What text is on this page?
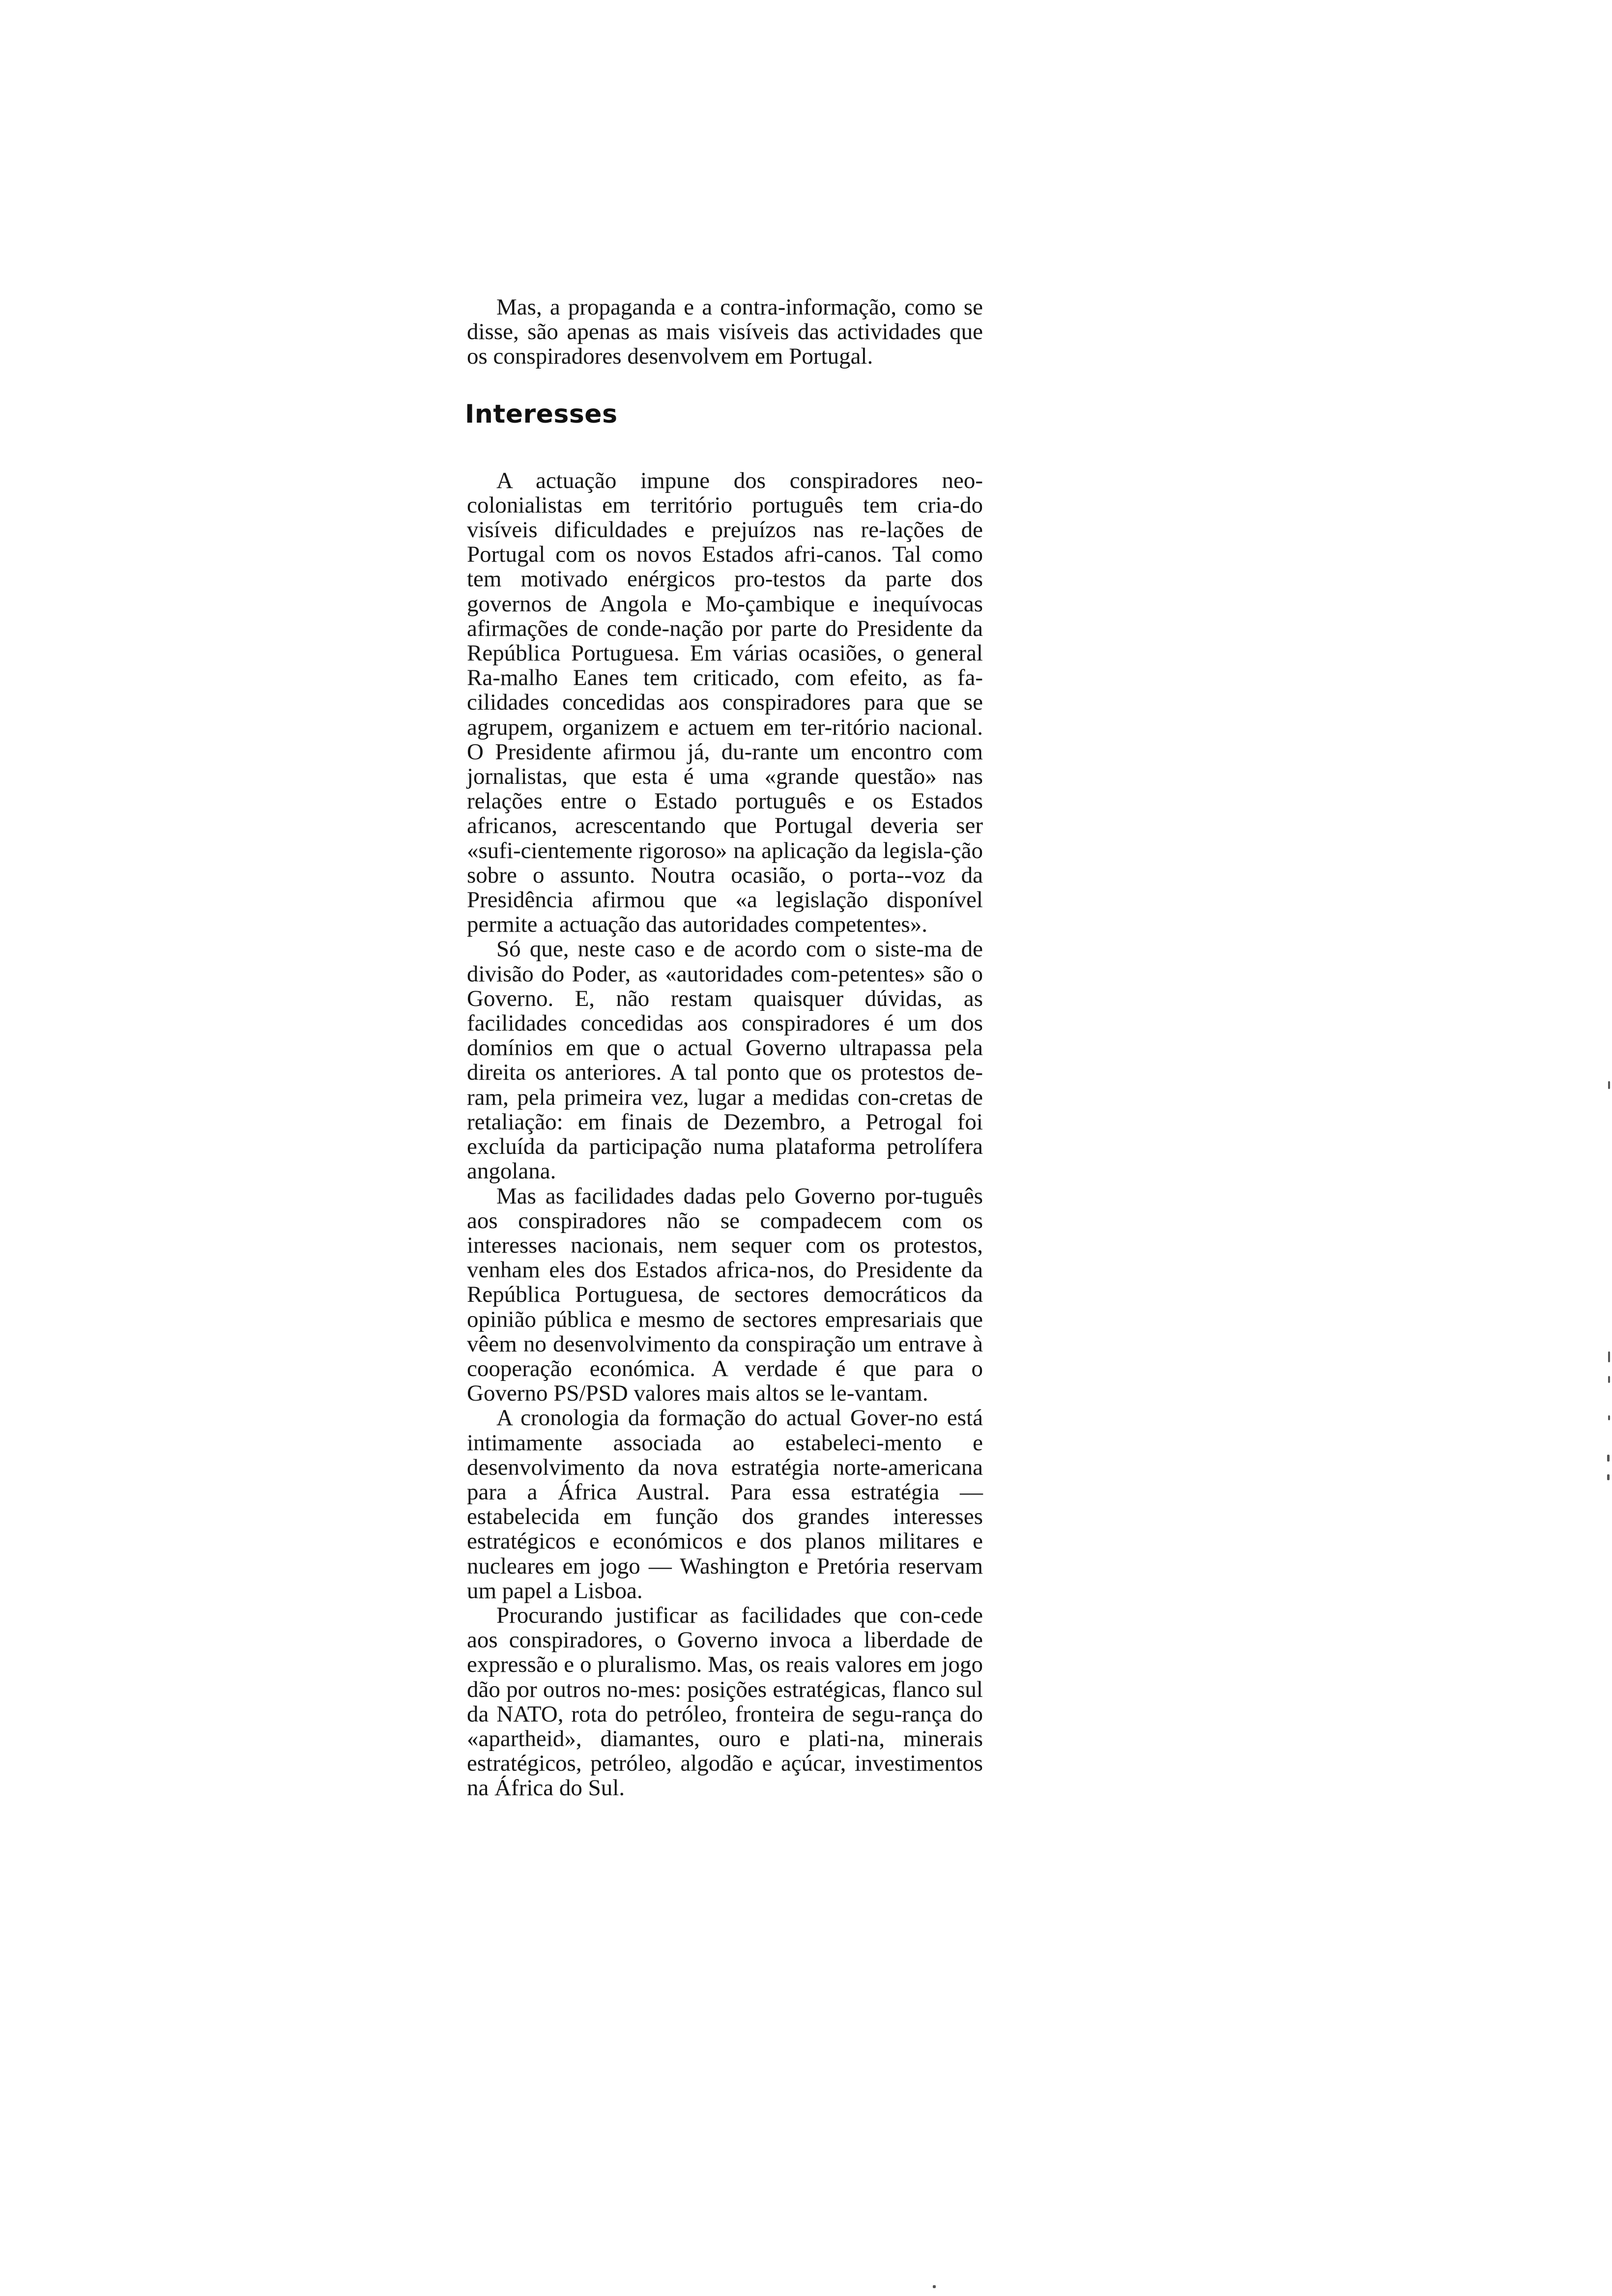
Mas, a propaganda e a contra-informação, como se disse, são apenas as mais visíveis das actividades que os conspiradores desenvolvem em Portugal.

Interesses

A actuação impune dos conspiradores neo-colonialistas em território português tem cria-do visíveis dificuldades e prejuízos nas re-lações de Portugal com os novos Estados afri-canos. Tal como tem motivado enérgicos pro-testos da parte dos governos de Angola e Mo-çambique e inequívocas afirmações de conde-nação por parte do Presidente da República Portuguesa. Em várias ocasiões, o general Ra-malho Eanes tem criticado, com efeito, as fa-cilidades concedidas aos conspiradores para que se agrupem, organizem e actuem em ter-ritório nacional. O Presidente afirmou já, du-rante um encontro com jornalistas, que esta é uma «grande questão» nas relações entre o Estado português e os Estados africanos, acrescentando que Portugal deveria ser «sufi-cientemente rigoroso» na aplicação da legisla-ção sobre o assunto. Noutra ocasião, o porta--voz da Presidência afirmou que «a legislação disponível permite a actuação das autoridades competentes».

Só que, neste caso e de acordo com o siste-ma de divisão do Poder, as «autoridades com-petentes» são o Governo. E, não restam quaisquer dúvidas, as facilidades concedidas aos conspiradores é um dos domínios em que o actual Governo ultrapassa pela direita os anteriores. A tal ponto que os protestos de-ram, pela primeira vez, lugar a medidas con-cretas de retaliação: em finais de Dezembro, a Petrogal foi excluída da participação numa plataforma petrolífera angolana.

Mas as facilidades dadas pelo Governo por-tuguês aos conspiradores não se compadecem com os interesses nacionais, nem sequer com os protestos, venham eles dos Estados africa-nos, do Presidente da República Portuguesa, de sectores democráticos da opinião pública e mesmo de sectores empresariais que vêem no desenvolvimento da conspiração um entrave à cooperação económica. A verdade é que para o Governo PS/PSD valores mais altos se le-vantam.

A cronologia da formação do actual Gover-no está intimamente associada ao estabeleci-mento e desenvolvimento da nova estratégia norte-americana para a África Austral. Para essa estratégia — estabelecida em função dos grandes interesses estratégicos e económicos e dos planos militares e nucleares em jogo — Washington e Pretória reservam um papel a Lisboa.

Procurando justificar as facilidades que con-cede aos conspiradores, o Governo invoca a liberdade de expressão e o pluralismo. Mas, os reais valores em jogo dão por outros no-mes: posições estratégicas, flanco sul da NATO, rota do petróleo, fronteira de segu-rança do «apartheid», diamantes, ouro e plati-na, minerais estratégicos, petróleo, algodão e açúcar, investimentos na África do Sul.
